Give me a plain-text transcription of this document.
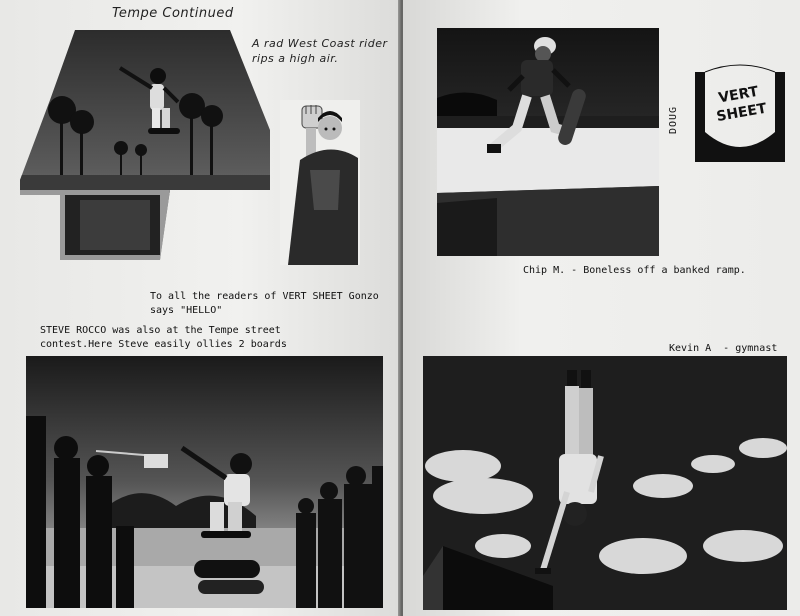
Tempe Continued
A rad West Coast rider rips a high air.
To all the readers of VERT SHEET Gonzo says "HELLO"
STEVE ROCCO was also at the Tempe street contest.Here Steve easily ollies 2 boards
DOUG
VERT SHEET
Chip M. - Boneless off a banked ramp.
Kevin A  - gymnast
